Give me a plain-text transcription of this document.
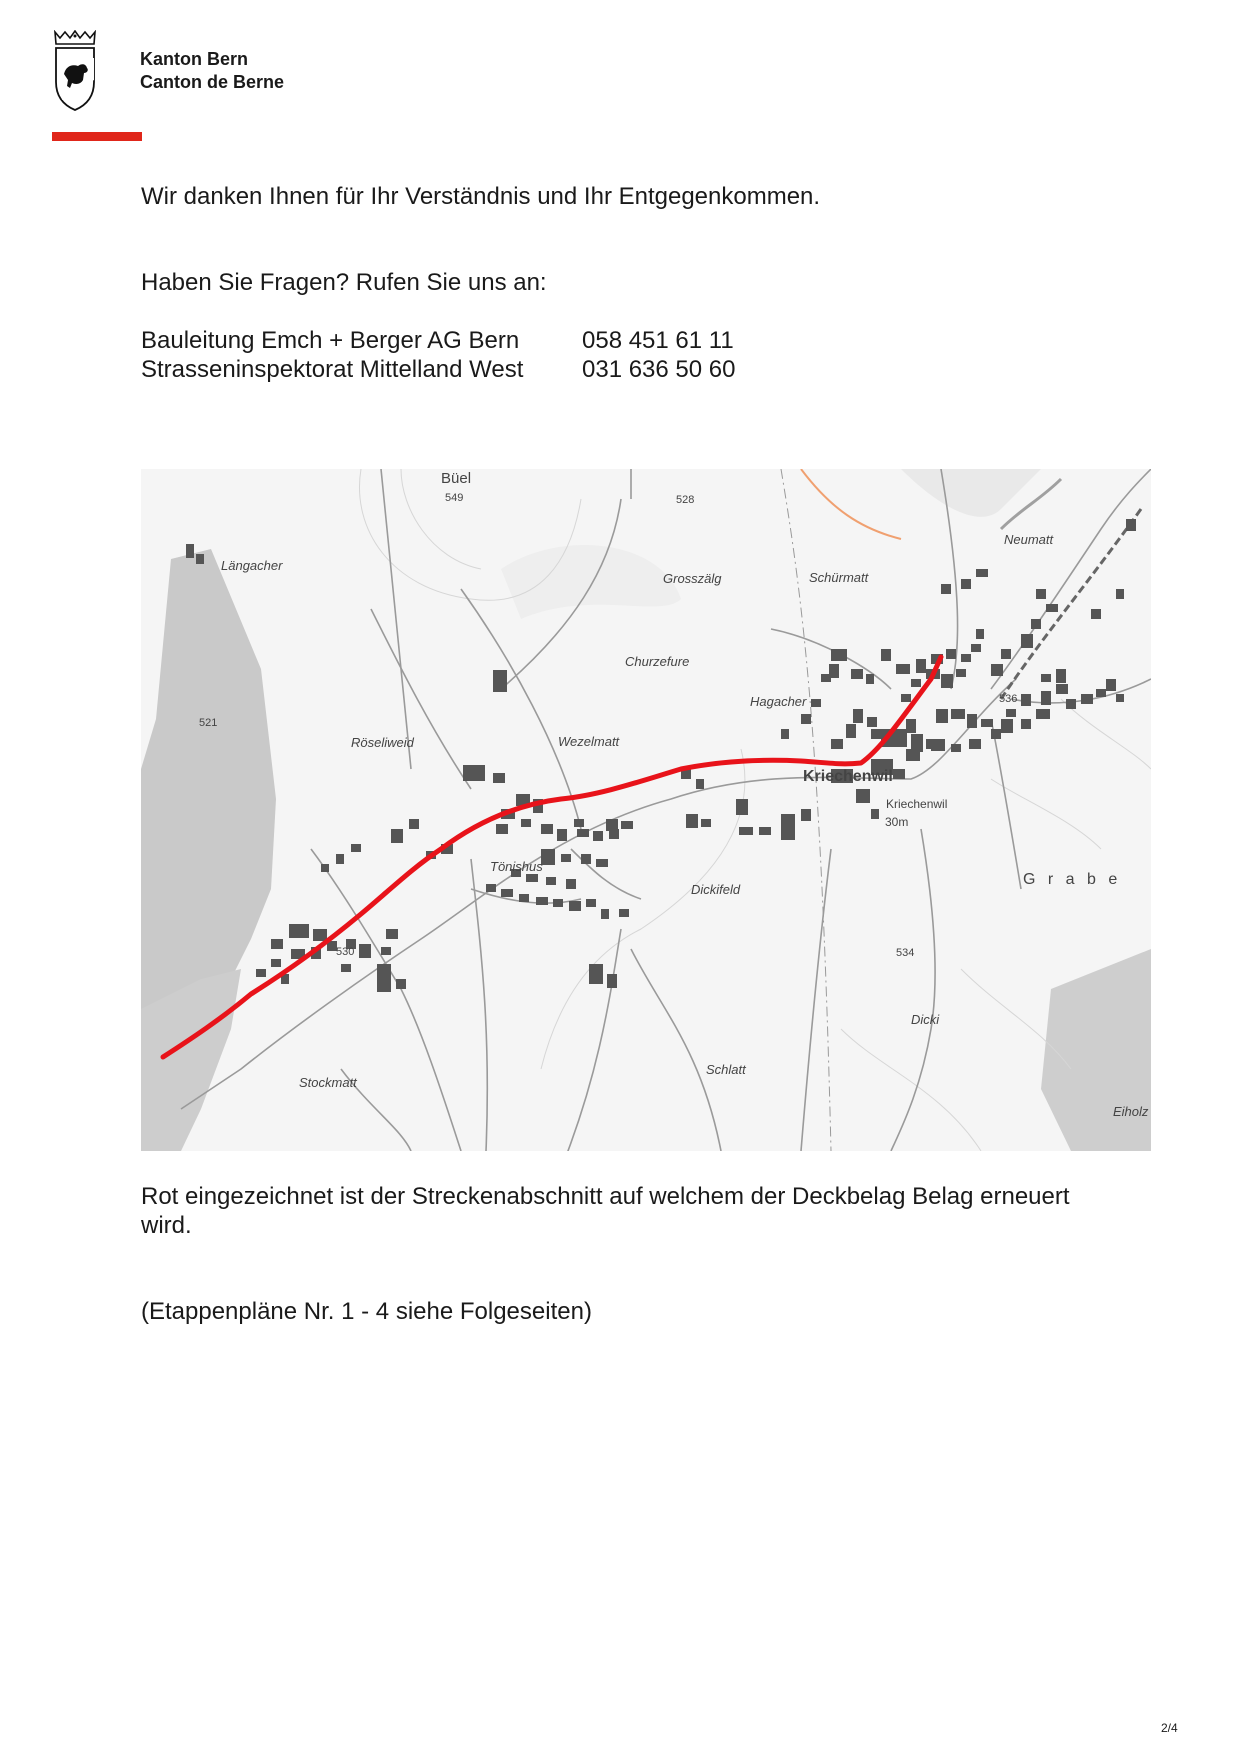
Kanton Bern
Canton de Berne
Wir danken Ihnen für Ihr Verständnis und Ihr Entgegenkommen.
Haben Sie Fragen? Rufen Sie uns an:
Bauleitung Emch + Berger AG Bern	058 451 61 11
Strasseninspektorat Mittelland West	031 636 50 60
Büel
549	528
Längacher
Grosszälg	Schürmatt
Neumatt
Churzefure
Hagacher
521
Röseliweid	Wezelmatt
Kriechenwil
Kriechenwil
30m
536
Tönishus
G r a b e
Dickifeld
530	534
Dicki
Stockmatt
Schlatt
Eiholz
Rot eingezeichnet ist der Streckenabschnitt auf welchem der Deckbelag Belag erneuert
wird.
(Etappenpläne Nr. 1 - 4 siehe Folgeseiten)
2/4
